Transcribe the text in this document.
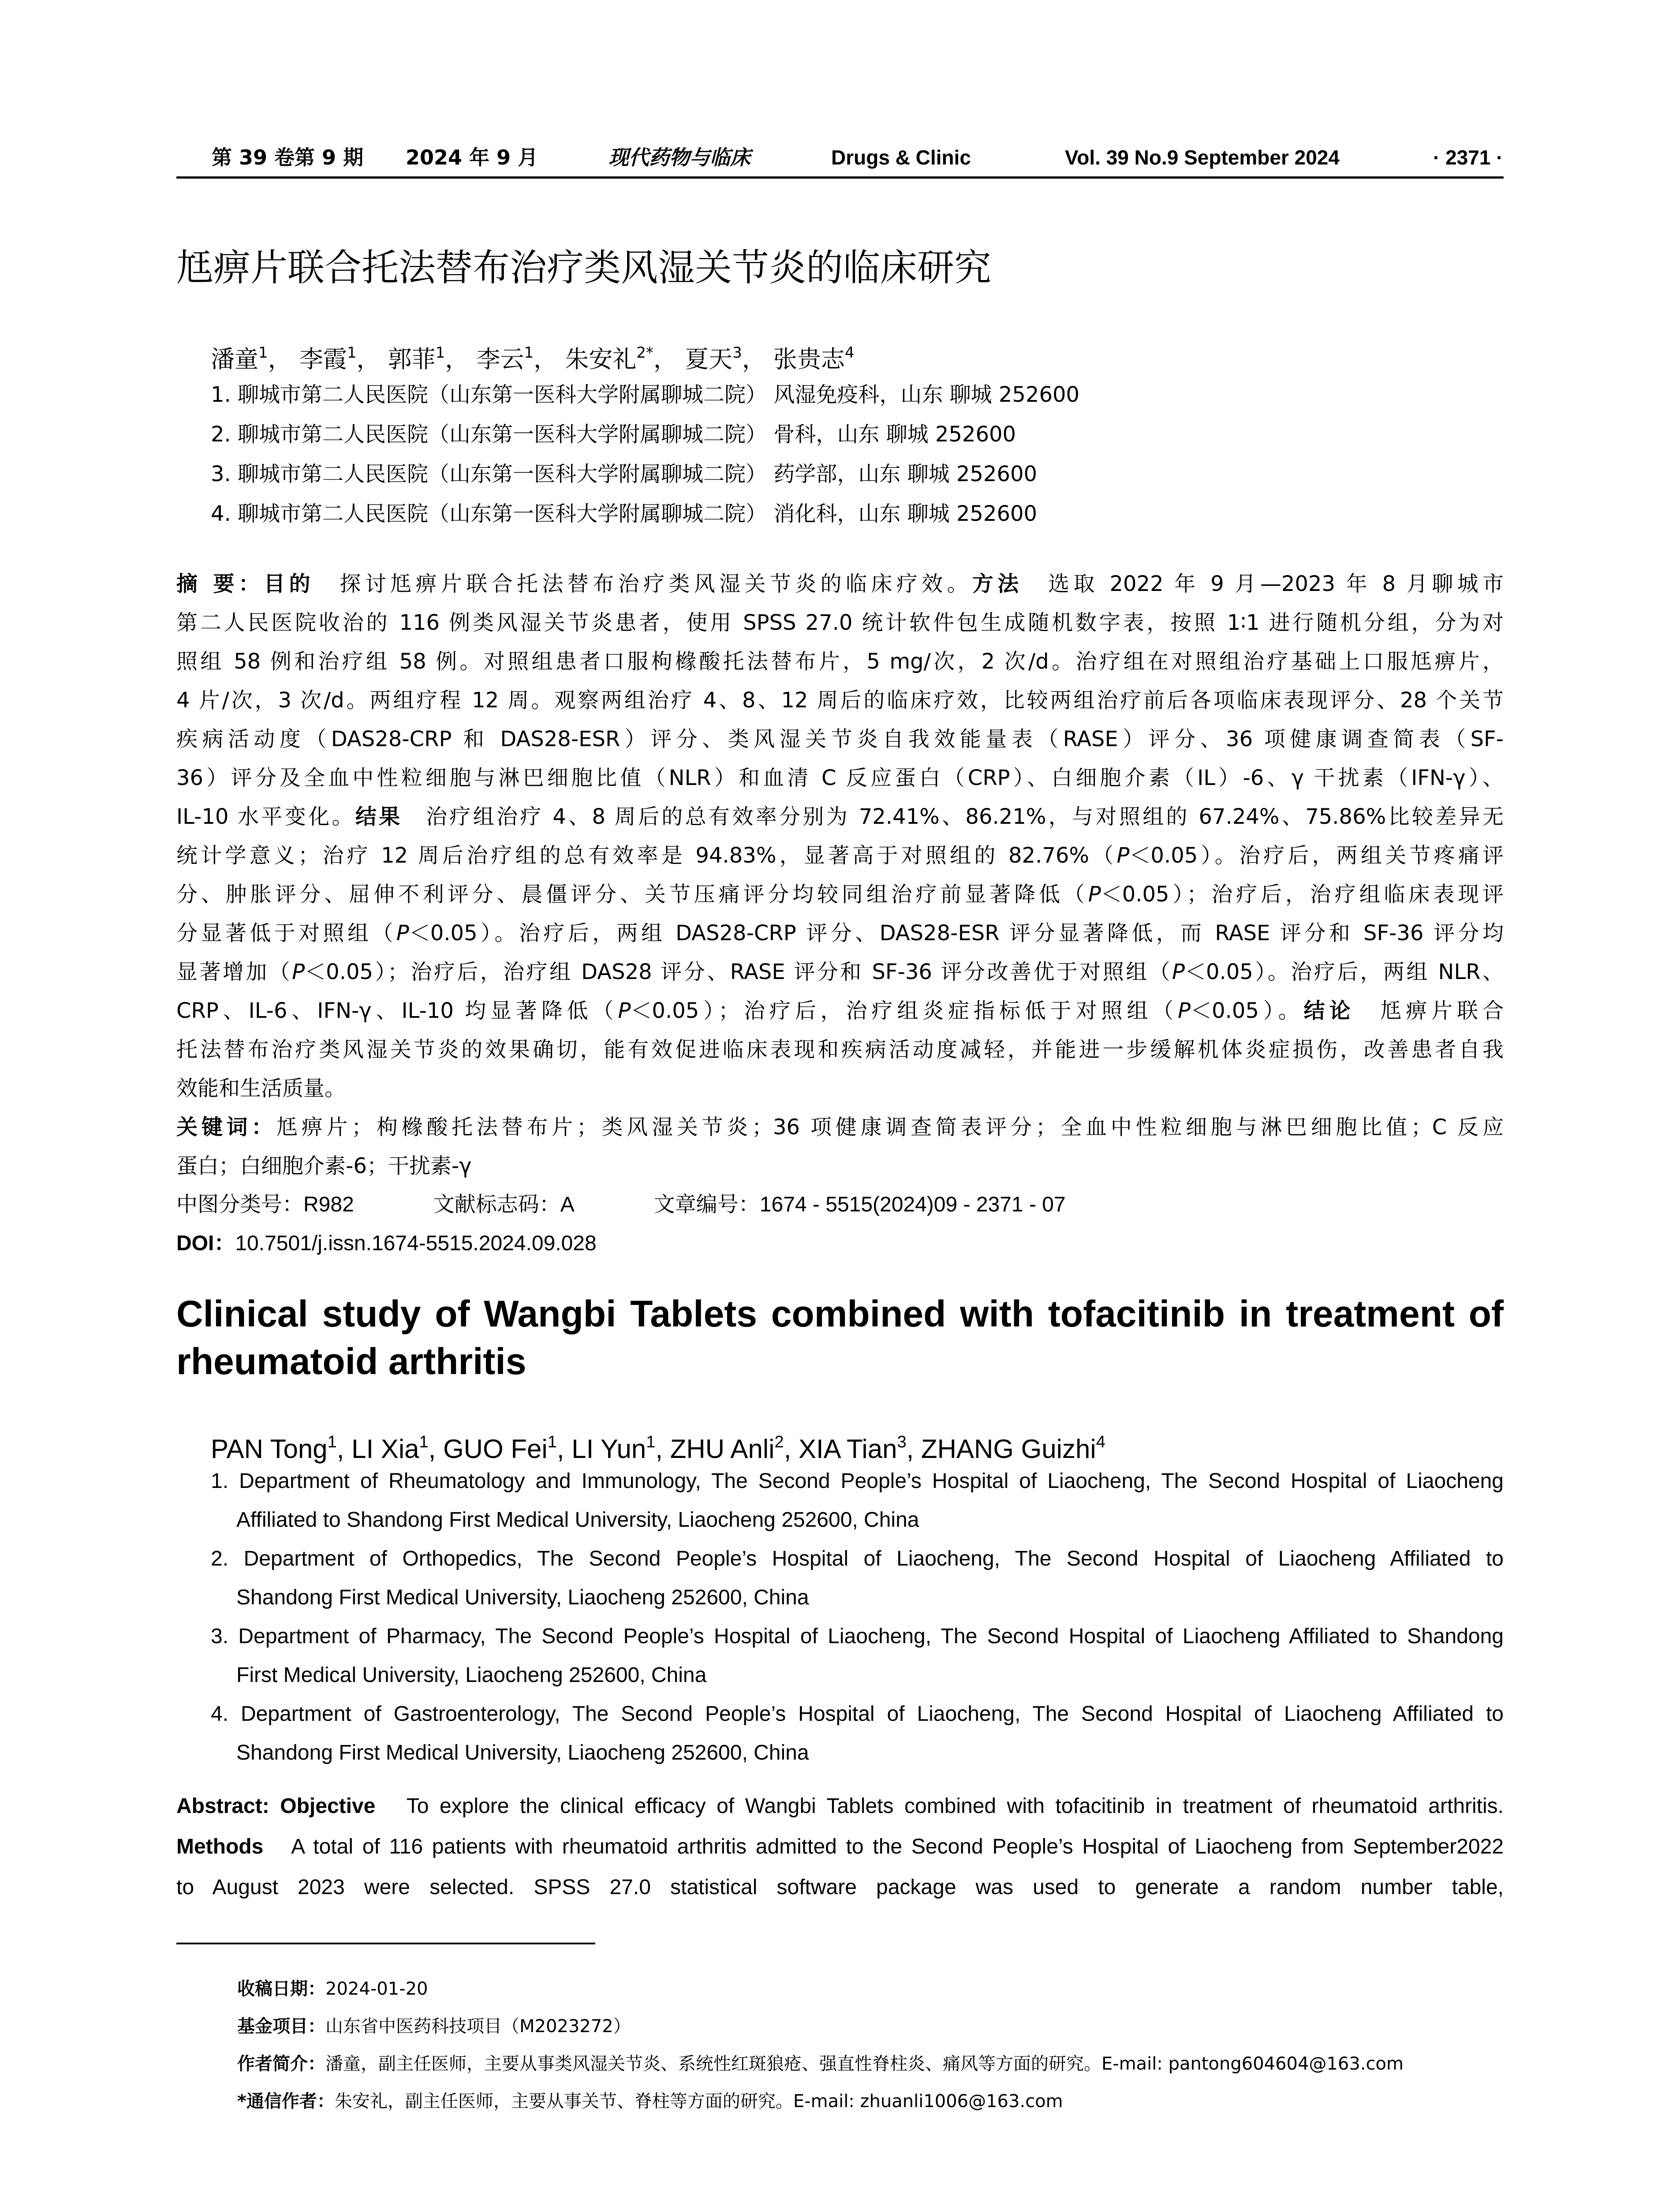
第 39 卷第 9 期 2024 年 9 月	现代药物与临床	Drugs & Clinic	Vol. 39 No.9 September 2024	· 2371 ·
尪痹片联合托法替布治疗类风湿关节炎的临床研究
潘童$^1$， 李霞$^1$， 郭菲$^1$， 李云$^1$， 朱安礼$^{2*}$， 夏天$^3$， 张贵志$^4$
1. 聊城市第二人民医院（山东第一医科大学附属聊城二院） 风湿免疫科，山东 聊城 252600
2. 聊城市第二人民医院（山东第一医科大学附属聊城二院） 骨科，山东 聊城 252600
3. 聊城市第二人民医院（山东第一医科大学附属聊城二院） 药学部，山东 聊城 252600
4. 聊城市第二人民医院（山东第一医科大学附属聊城二院） 消化科，山东 聊城 252600
摘 要：目的　 探讨尪痹片联合托法替布治疗类风湿关节炎的临床疗效。方法　 选取 2022 年 9 月—2023 年 8 月聊城市
第二人民医院收治的 116 例类风湿关节炎患者，使用 SPSS 27.0 统计软件包生成随机数字表，按照 1∶1 进行随机分组，分为对
照组 58 例和治疗组 58 例。对照组患者口服枸橼酸托法替布片，5 mg/次，2 次/d。治疗组在对照组治疗基础上口服尪痹片，
4 片/次，3 次/d。两组疗程 12 周。观察两组治疗 4、8、12 周后的临床疗效，比较两组治疗前后各项临床表现评分、28 个关节
疾病活动度（DAS28-CRP 和 DAS28-ESR）评分、类风湿关节炎自我效能量表（RASE）评分、36 项健康调查简表（SF-
36）评分及全血中性粒细胞与淋巴细胞比值（NLR）和血清 C 反应蛋白（CRP）、白细胞介素（IL）-6、γ 干扰素（IFN-γ）、
IL-10 水平变化。结果　 治疗组治疗 4、8 周后的总有效率分别为 72.41%、86.21%，与对照组的 67.24%、75.86%比较差异无
统计学意义；治疗 12 周后治疗组的总有效率是 94.83%，显著高于对照组的 82.76%（P＜0.05）。治疗后，两组关节疼痛评
分、肿胀评分、屈伸不利评分、晨僵评分、关节压痛评分均较同组治疗前显著降低（P＜0.05）；治疗后，治疗组临床表现评
分显著低于对照组（P＜0.05）。治疗后，两组 DAS28-CRP 评分、DAS28-ESR 评分显著降低，而 RASE 评分和 SF-36 评分均
显著增加（P＜0.05）；治疗后，治疗组 DAS28 评分、RASE 评分和 SF-36 评分改善优于对照组（P＜0.05）。治疗后，两组 NLR、
CRP、IL-6、IFN-γ、IL-10 均显著降低（P＜0.05）；治疗后，治疗组炎症指标低于对照组（P＜0.05）。结论　 尪痹片联合
托法替布治疗类风湿关节炎的效果确切，能有效促进临床表现和疾病活动度减轻，并能进一步缓解机体炎症损伤，改善患者自我
效能和生活质量。
关键词：尪痹片；枸橼酸托法替布片；类风湿关节炎；36 项健康调查简表评分；全血中性粒细胞与淋巴细胞比值；C 反应
蛋白；白细胞介素-6；干扰素-γ
中图分类号：R982	文献标志码：A	文章编号：1674 - 5515(2024)09 - 2371 - 07
DOI：10.7501/j.issn.1674-5515.2024.09.028
Clinical study of Wangbi Tablets combined with tofacitinib in treatment of
rheumatoid arthritis
PAN Tong$^1$, LI Xia$^1$, GUO Fei$^1$, LI Yun$^1$, ZHU Anli$^2$, XIA Tian$^3$, ZHANG Guizhi$^4$
1. Department of Rheumatology and Immunology, The Second People’s Hospital of Liaocheng, The Second Hospital of Liaocheng
Affiliated to Shandong First Medical University, Liaocheng 252600, China
2. Department of Orthopedics, The Second People’s Hospital of Liaocheng, The Second Hospital of Liaocheng Affiliated to
Shandong First Medical University, Liaocheng 252600, China
3. Department of Pharmacy, The Second People’s Hospital of Liaocheng, The Second Hospital of Liaocheng Affiliated to Shandong
First Medical University, Liaocheng 252600, China
4. Department of Gastroenterology, The Second People’s Hospital of Liaocheng, The Second Hospital of Liaocheng Affiliated to
Shandong First Medical University, Liaocheng 252600, China
Abstract: Objective　 To explore the clinical efficacy of Wangbi Tablets combined with tofacitinib in treatment of rheumatoid arthritis.
Methods　 A total of 116 patients with rheumatoid arthritis admitted to the Second People’s Hospital of Liaocheng from September2022
to August 2023 were selected. SPSS 27.0 statistical software package was used to generate a random number table,
收稿日期：2024-01-20
基金项目：山东省中医药科技项目（M2023272）
作者简介：潘童，副主任医师，主要从事类风湿关节炎、系统性红斑狼疮、强直性脊柱炎、痛风等方面的研究。E-mail: pantong604604@163.com
*通信作者：朱安礼，副主任医师，主要从事关节、脊柱等方面的研究。E-mail: zhuanli1006@163.com
